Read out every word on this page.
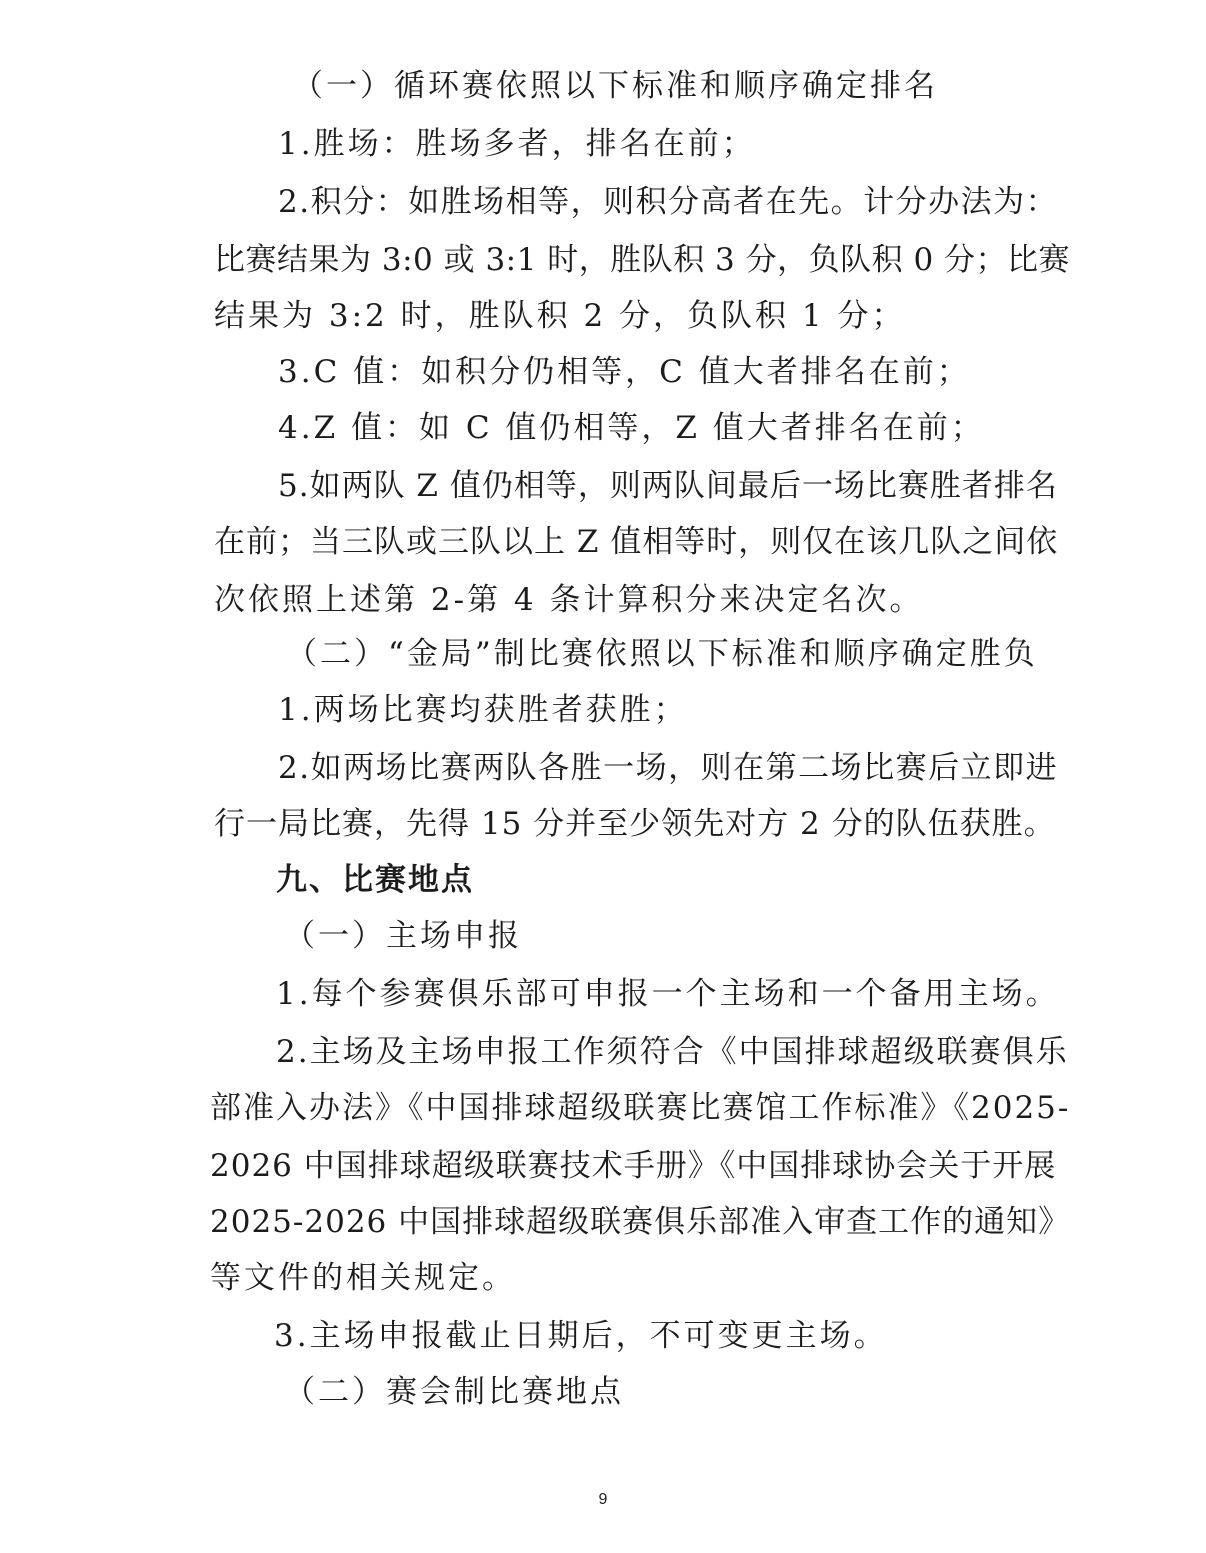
（一）循环赛依照以下标准和顺序确定排名
1.胜场：胜场多者，排名在前；
2.积分：如胜场相等，则积分高者在先。计分办法为：
比赛结果为 3:0 或 3:1 时，胜队积 3 分，负队积 0 分；比赛
结果为 3:2 时，胜队积 2 分，负队积 1 分；
3.C 值：如积分仍相等，C 值大者排名在前；
4.Z 值：如 C 值仍相等，Z 值大者排名在前；
5.如两队 Z 值仍相等，则两队间最后一场比赛胜者排名
在前；当三队或三队以上 Z 值相等时，则仅在该几队之间依
次依照上述第 2-第 4 条计算积分来决定名次。
（二）“金局”制比赛依照以下标准和顺序确定胜负
1.两场比赛均获胜者获胜；
2.如两场比赛两队各胜一场，则在第二场比赛后立即进
行一局比赛，先得 15 分并至少领先对方 2 分的队伍获胜。
九、比赛地点
（一）主场申报
1.每个参赛俱乐部可申报一个主场和一个备用主场。
2.主场及主场申报工作须符合《中国排球超级联赛俱乐
部准入办法》《中国排球超级联赛比赛馆工作标准》《2025-
2026 中国排球超级联赛技术手册》《中国排球协会关于开展
2025-2026 中国排球超级联赛俱乐部准入审查工作的通知》
等文件的相关规定。
3.主场申报截止日期后，不可变更主场。
（二）赛会制比赛地点
9
